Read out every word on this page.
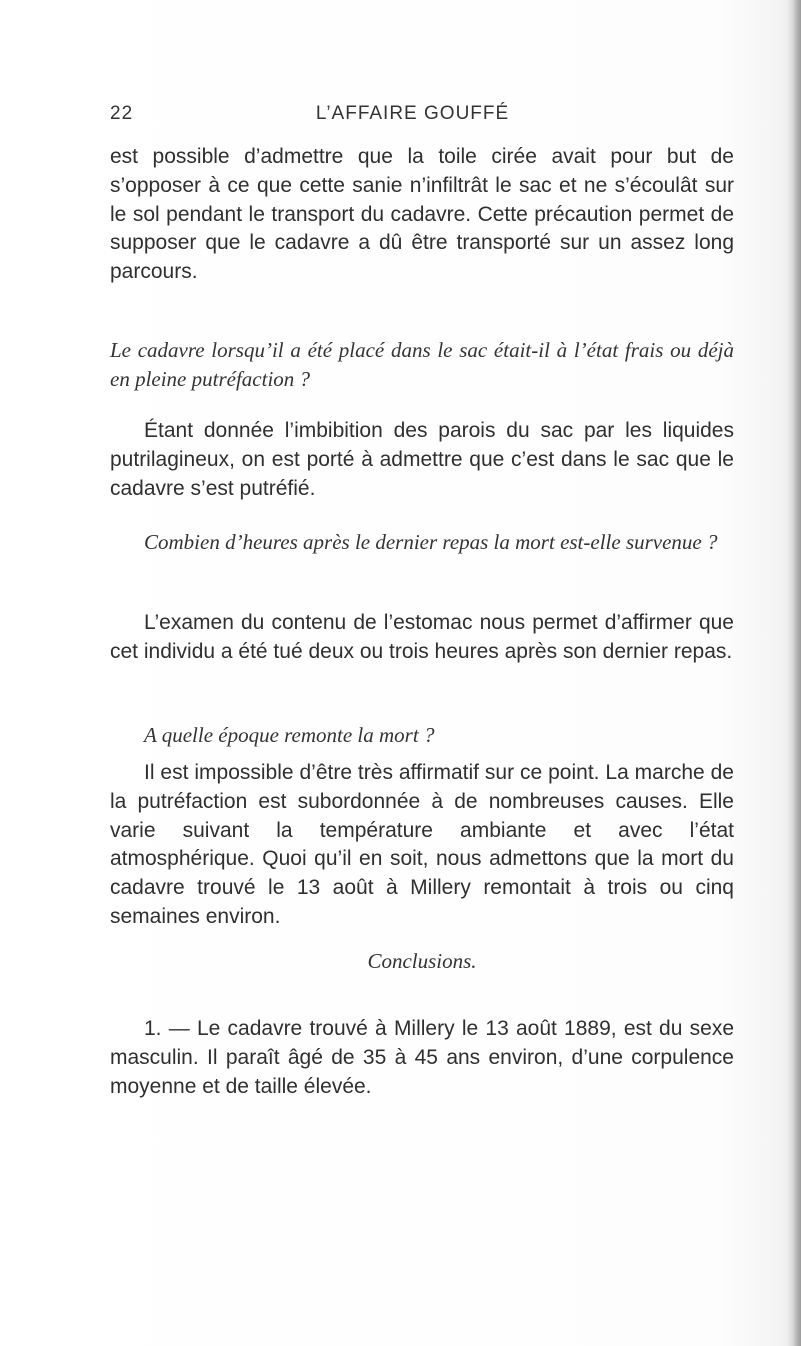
22	L’AFFAIRE GOUFFÉ

est possible d’admettre que la toile cirée avait pour but de s’opposer à ce que cette sanie n’infiltrât le sac et ne s’écoulât sur le sol pendant le transport du cadavre. Cette précaution permet de supposer que le cadavre a dû être transporté sur un assez long parcours.

Le cadavre lorsqu’il a été placé dans le sac était-il à l’état frais ou déjà en pleine putréfaction ?

Étant donnée l’imbibition des parois du sac par les liquides putrilagineux, on est porté à admettre que c’est dans le sac que le cadavre s’est putréfié.

Combien d’heures après le dernier repas la mort est-elle survenue ?

L’examen du contenu de l’estomac nous permet d’affirmer que cet individu a été tué deux ou trois heures après son dernier repas.

A quelle époque remonte la mort ?

Il est impossible d’être très affirmatif sur ce point. La marche de la putréfaction est subordonnée à de nombreuses causes. Elle varie suivant la température ambiante et avec l’état atmosphérique. Quoi qu’il en soit, nous admettons que la mort du cadavre trouvé le 13 août à Millery remontait à trois ou cinq semaines environ.

Conclusions.

1. — Le cadavre trouvé à Millery le 13 août 1889, est du sexe masculin. Il paraît âgé de 35 à 45 ans environ, d’une corpulence moyenne et de taille élevée.
